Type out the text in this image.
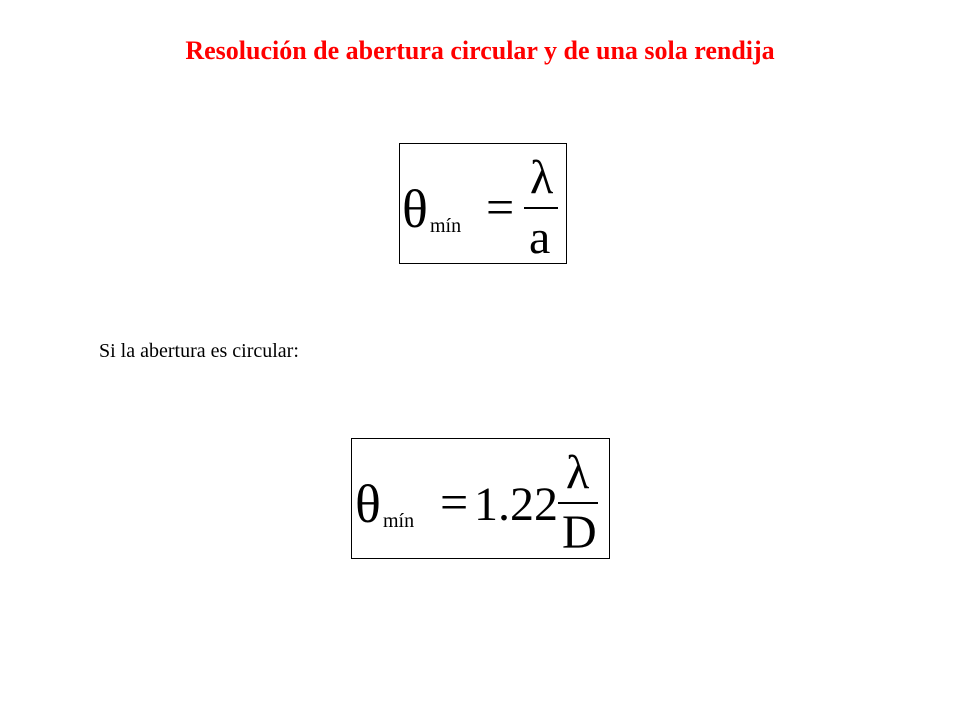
Resolución de abertura circular y de una sola rendija
θ mín =
λ
a

Si la abertura es circular:

θ mín = 1.22
λ
D
